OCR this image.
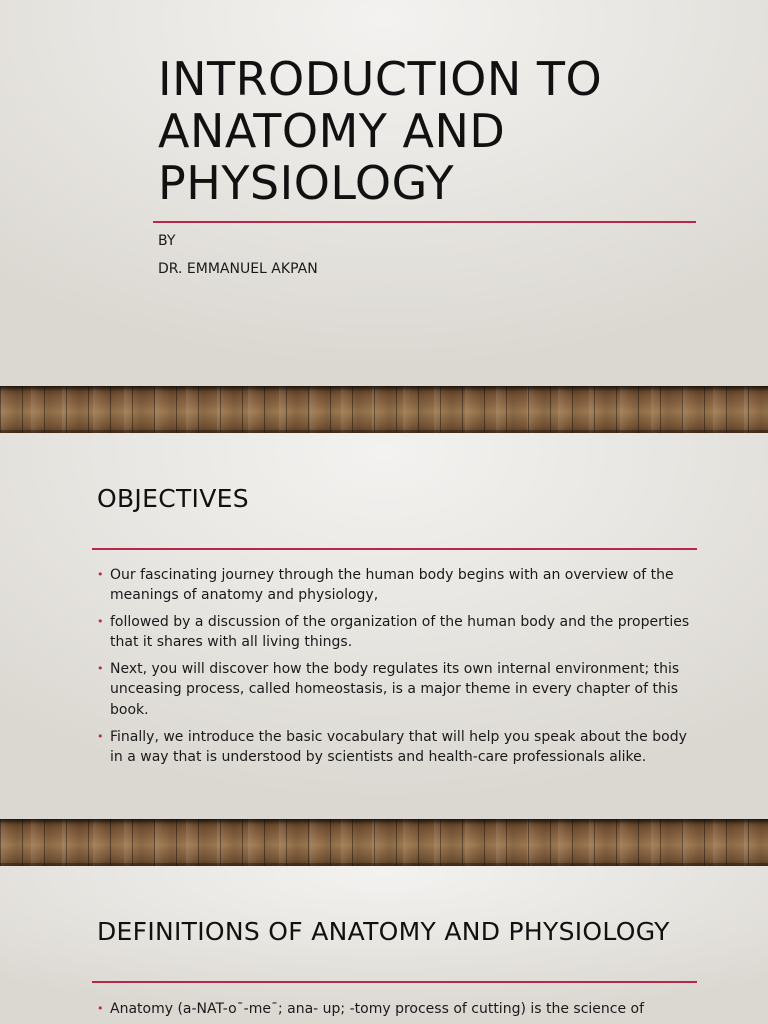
INTRODUCTION TO
ANATOMY AND
PHYSIOLOGY
BY
DR. EMMANUEL AKPAN
OBJECTIVES
• Our fascinating journey through the human body begins with an overview of the meanings of anatomy and physiology,
• followed by a discussion of the organization of the human body and the properties that it shares with all living things.
• Next, you will discover how the body regulates its own internal environment; this unceasing process, called homeostasis, is a major theme in every chapter of this book.
• Finally, we introduce the basic vocabulary that will help you speak about the body in a way that is understood by scientists and health-care professionals alike.
DEFINITIONS OF ANATOMY AND PHYSIOLOGY
• Anatomy (a-NAT-o¯-me¯; ana- up; -tomy process of cutting) is the science of
